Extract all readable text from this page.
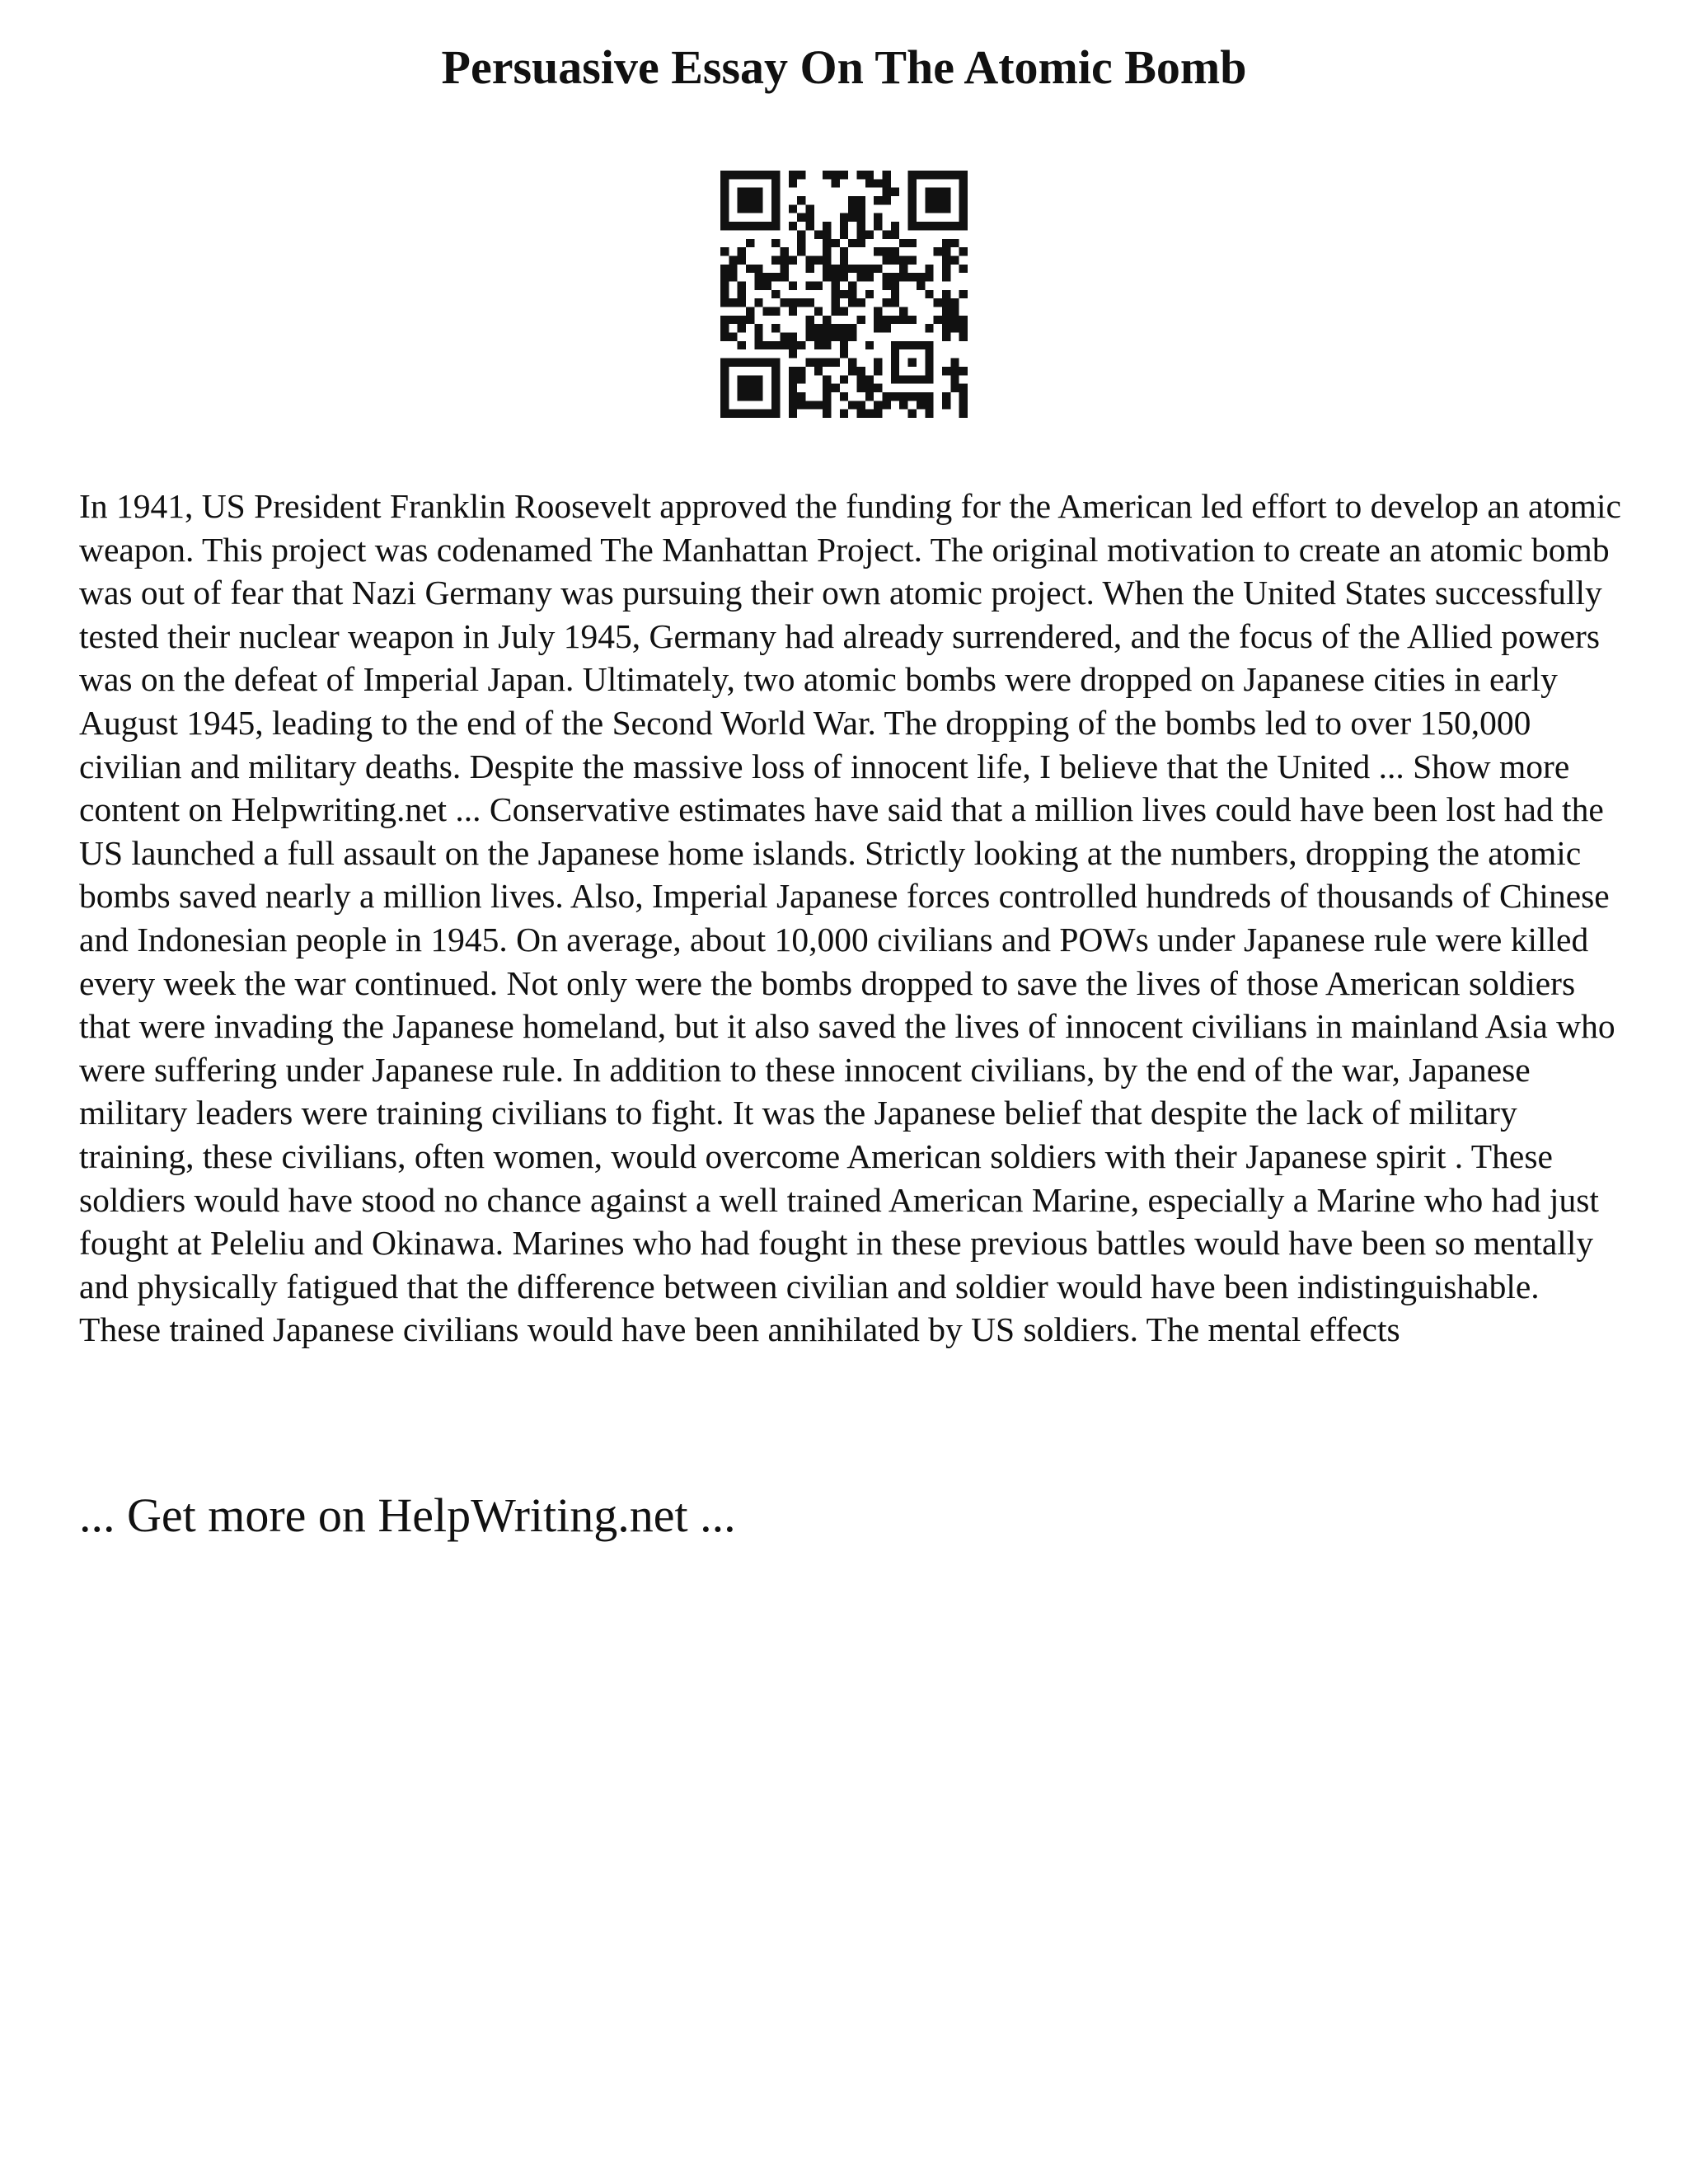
Persuasive Essay On The Atomic Bomb

In 1941, US President Franklin Roosevelt approved the funding for the American led effort to develop an atomic weapon. This project was codenamed The Manhattan Project. The original motivation to create an atomic bomb was out of fear that Nazi Germany was pursuing their own atomic project. When the United States successfully tested their nuclear weapon in July 1945, Germany had already surrendered, and the focus of the Allied powers was on the defeat of Imperial Japan. Ultimately, two atomic bombs were dropped on Japanese cities in early August 1945, leading to the end of the Second World War. The dropping of the bombs led to over 150,000 civilian and military deaths. Despite the massive loss of innocent life, I believe that the United ... Show more content on Helpwriting.net ... Conservative estimates have said that a million lives could have been lost had the US launched a full assault on the Japanese home islands. Strictly looking at the numbers, dropping the atomic bombs saved nearly a million lives. Also, Imperial Japanese forces controlled hundreds of thousands of Chinese and Indonesian people in 1945. On average, about 10,000 civilians and POWs under Japanese rule were killed every week the war continued. Not only were the bombs dropped to save the lives of those American soldiers that were invading the Japanese homeland, but it also saved the lives of innocent civilians in mainland Asia who were suffering under Japanese rule. In addition to these innocent civilians, by the end of the war, Japanese military leaders were training civilians to fight. It was the Japanese belief that despite the lack of military training, these civilians, often women, would overcome American soldiers with their Japanese spirit . These soldiers would have stood no chance against a well trained American Marine, especially a Marine who had just fought at Peleliu and Okinawa. Marines who had fought in these previous battles would have been so mentally and physically fatigued that the difference between civilian and soldier would have been indistinguishable. These trained Japanese civilians would have been annihilated by US soldiers. The mental effects

... Get more on HelpWriting.net ...
